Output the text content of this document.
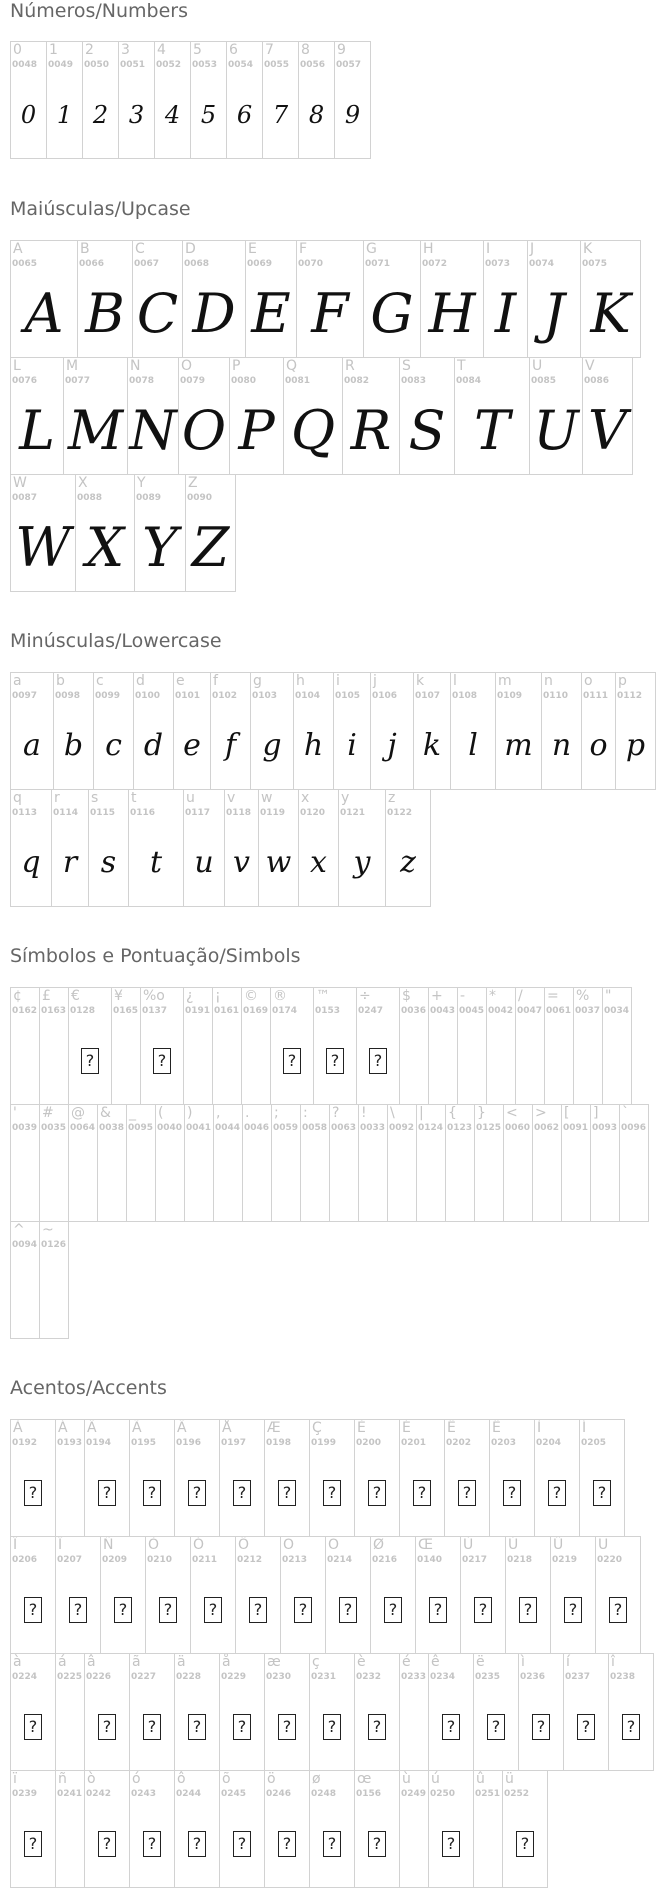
Números/Numbers
0
0048
0
1
0049
1
2
0050
2
3
0051
3
4
0052
4
5
0053
5
6
0054
6
7
0055
7
8
0056
8
9
0057
9
Maiúsculas/Upcase
A
0065
A
B
0066
B
C
0067
C
D
0068
D
E
0069
E
F
0070
F
G
0071
G
H
0072
H
I
0073
I
J
0074
J
K
0075
K
L
0076
L
M
0077
M
N
0078
N
O
0079
O
P
0080
P
Q
0081
Q
R
0082
R
S
0083
S
T
0084
T
U
0085
U
V
0086
V
W
0087
W
X
0088
X
Y
0089
Y
Z
0090
Z
Minúsculas/Lowercase
a
0097
a
b
0098
b
c
0099
c
d
0100
d
e
0101
e
f
0102
f
g
0103
g
h
0104
h
i
0105
i
j
0106
j
k
0107
k
l
0108
l
m
0109
m
n
0110
n
o
0111
o
p
0112
p
q
0113
q
r
0114
r
s
0115
s
t
0116
t
u
0117
u
v
0118
v
w
0119
w
x
0120
x
y
0121
y
z
0122
z
Símbolos e Pontuação/Simbols
¢
0162
£
0163
€
0128
?
¥
0165
%o
0137
?
¿
0191
¡
0161
©
0169
®
0174
?
™
0153
?
÷
0247
?
$
0036
+
0043
-
0045
*
0042
/
0047
=
0061
%
0037
"
0034
'
0039
#
0035
@
0064
&
0038
_
0095
(
0040
)
0041
,
0044
.
0046
;
0059
:
0058
?
0063
!
0033
\
0092
|
0124
{
0123
}
0125
<
0060
>
0062
[
0091
]
0093
`
0096
^
0094
~
0126
Acentos/Accents
À
0192
?
Á
0193
Â
0194
?
Ã
0195
?
Ä
0196
?
Å
0197
?
Æ
0198
?
Ç
0199
?
È
0200
?
É
0201
?
Ê
0202
?
Ë
0203
?
Ì
0204
?
Í
0205
?
Î
0206
?
Ï
0207
?
Ñ
0209
?
Ò
0210
?
Ó
0211
?
Ô
0212
?
Õ
0213
?
Ö
0214
?
Ø
0216
?
Œ
0140
?
Ù
0217
?
Ú
0218
?
Û
0219
?
Ü
0220
?
à
0224
?
á
0225
â
0226
?
ã
0227
?
ä
0228
?
å
0229
?
æ
0230
?
ç
0231
?
è
0232
?
é
0233
ê
0234
?
ë
0235
?
ì
0236
?
í
0237
?
î
0238
?
ï
0239
?
ñ
0241
ò
0242
?
ó
0243
?
ô
0244
?
õ
0245
?
ö
0246
?
ø
0248
?
œ
0156
?
ù
0249
ú
0250
?
û
0251
ü
0252
?
